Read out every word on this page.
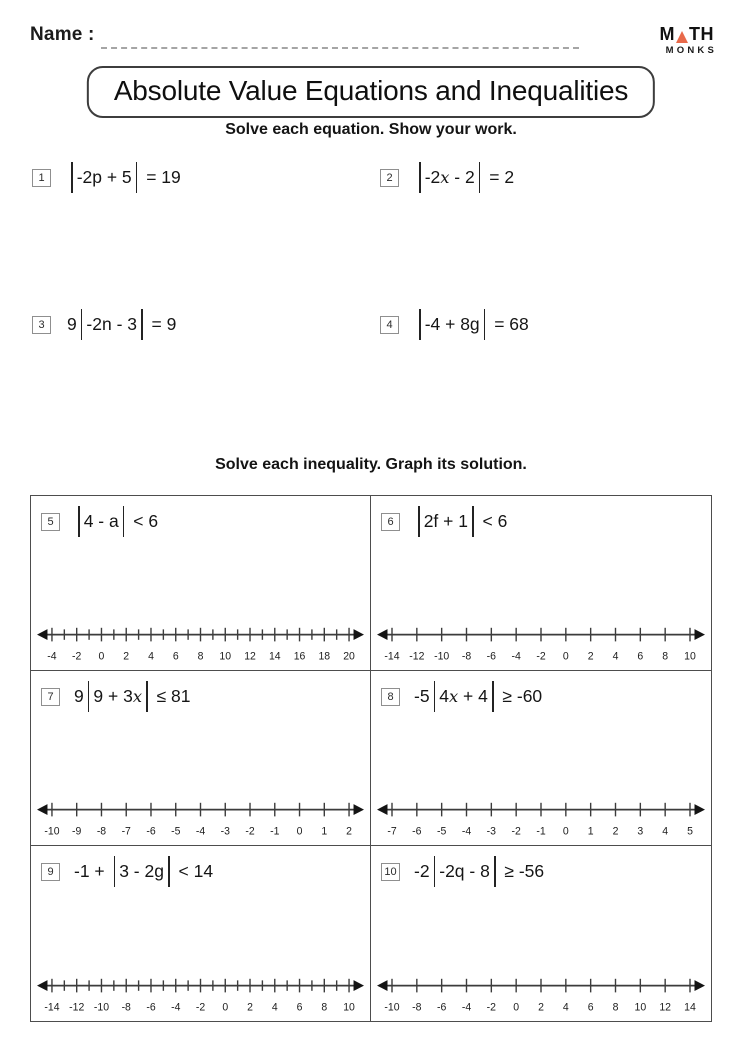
Name :	M TH
MONKS
Absolute Value Equations and Inequalities
Solve each equation. Show your work.
1	-2p + 5 = 19	2	-2x - 2 = 2
3	9 -2n - 3 = 9	4	-4 + 8g = 68
Solve each inequality. Graph its solution.
5	4 - a < 6
-4 -2 0 2 4 6 8 10 12 14 16 18 20
6	2f + 1 < 6
-14 -12 -10 -8 -6 -4 -2 0 2 4 6 8 10
7	9 9 + 3x ≤ 81
-10 -9 -8 -7 -6 -5 -4 -3 -2 -1 0 1 2
8	-5 4x + 4 ≥ -60
-7 -6 -5 -4 -3 -2 -1 0 1 2 3 4 5
9	-1 + 3 - 2g < 14
-14 -12 -10 -8 -6 -4 -2 0 2 4 6 8 10
10 -2 -2q - 8 ≥ -56
-10 -8 -6 -4 -2 0 2 4 6 8 10 12 14
